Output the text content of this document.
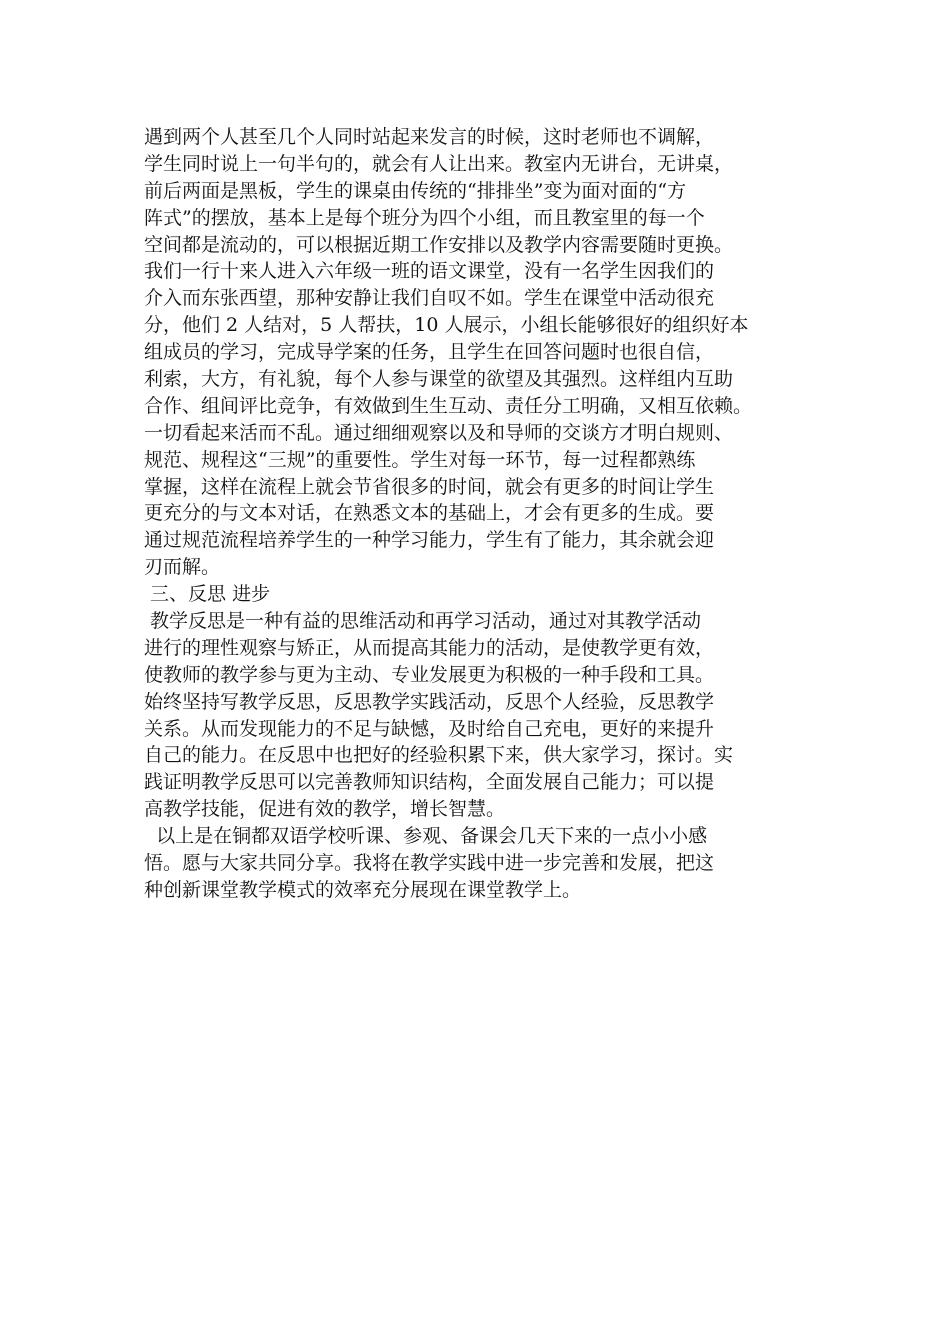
遇到两个人甚至几个人同时站起来发言的时候，这时老师也不调解，
学生同时说上一句半句的，就会有人让出来。教室内无讲台，无讲桌，
前后两面是黑板，学生的课桌由传统的“排排坐”变为面对面的“方
阵式”的摆放，基本上是每个班分为四个小组，而且教室里的每一个
空间都是流动的，可以根据近期工作安排以及教学内容需要随时更换。
我们一行十来人进入六年级一班的语文课堂，没有一名学生因我们的
介入而东张西望，那种安静让我们自叹不如。学生在课堂中活动很充
分，他们 2 人结对，5 人帮扶，10 人展示，小组长能够很好的组织好本
组成员的学习，完成导学案的任务，且学生在回答问题时也很自信，
利索，大方，有礼貌，每个人参与课堂的欲望及其强烈。这样组内互助
合作、组间评比竞争，有效做到生生互动、责任分工明确，又相互依赖。
一切看起来活而不乱。通过细细观察以及和导师的交谈方才明白规则、
规范、规程这“三规”的重要性。学生对每一环节，每一过程都熟练
掌握，这样在流程上就会节省很多的时间，就会有更多的时间让学生
更充分的与文本对话，在熟悉文本的基础上，才会有更多的生成。要
通过规范流程培养学生的一种学习能力，学生有了能力，其余就会迎
刃而解。
三、反思 进步
教学反思是一种有益的思维活动和再学习活动，通过对其教学活动
进行的理性观察与矫正，从而提高其能力的活动，是使教学更有效，
使教师的教学参与更为主动、专业发展更为积极的一种手段和工具。
始终坚持写教学反思，反思教学实践活动，反思个人经验，反思教学
关系。从而发现能力的不足与缺憾，及时给自己充电，更好的来提升
自己的能力。在反思中也把好的经验积累下来，供大家学习，探讨。实
践证明教学反思可以完善教师知识结构，全面发展自己能力；可以提
高教学技能，促进有效的教学，增长智慧。
以上是在铜都双语学校听课、参观、备课会几天下来的一点小小感
悟。愿与大家共同分享。我将在教学实践中进一步完善和发展，把这
种创新课堂教学模式的效率充分展现在课堂教学上。
